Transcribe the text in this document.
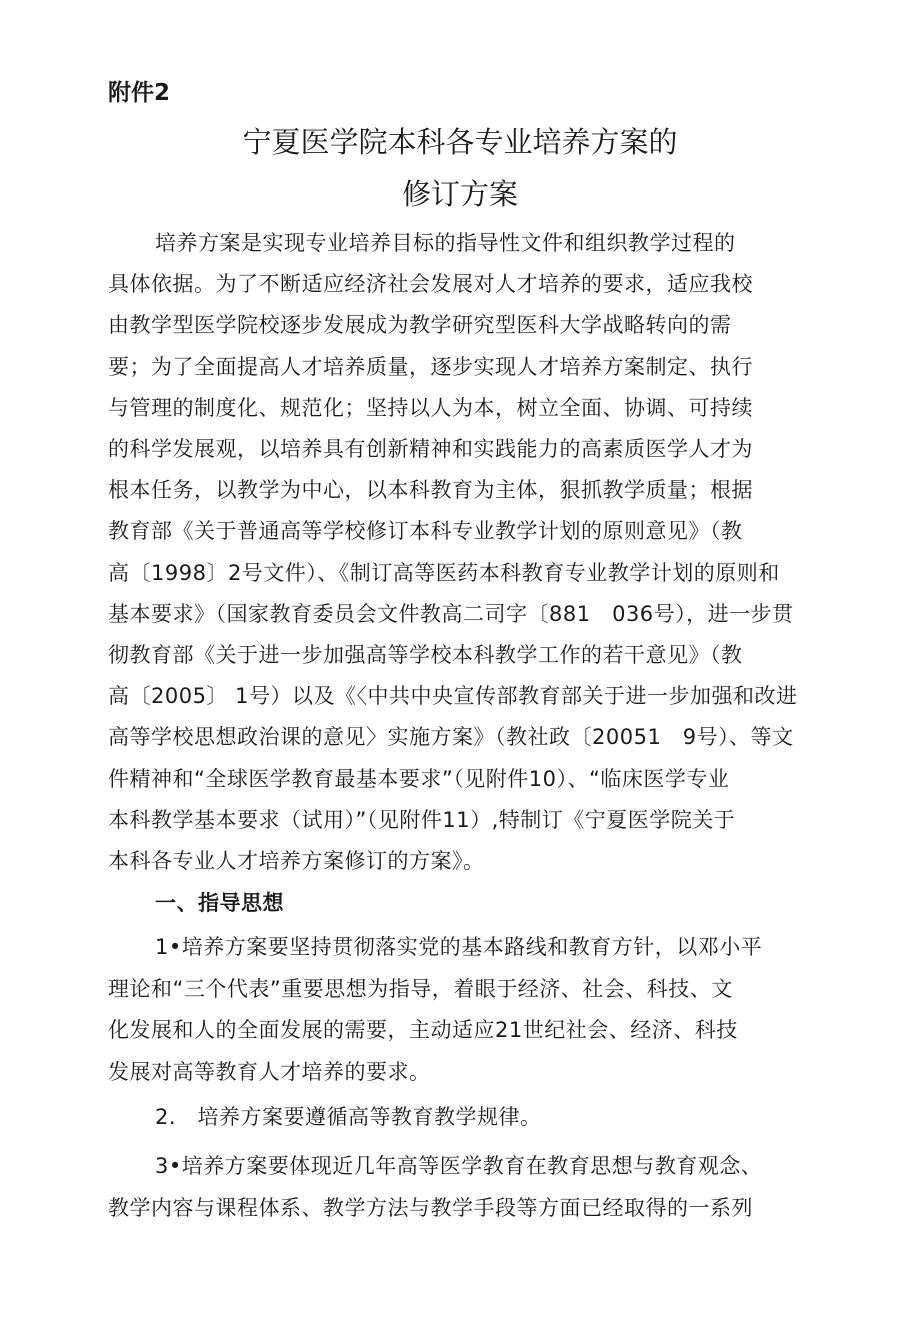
附件2
宁夏医学院本科各专业培养方案的
修订方案
培养方案是实现专业培养目标的指导性文件和组织教学过程的
具体依据。为了不断适应经济社会发展对人才培养的要求，适应我校
由教学型医学院校逐步发展成为教学研究型医科大学战略转向的需
要；为了全面提高人才培养质量，逐步实现人才培养方案制定、执行
与管理的制度化、规范化；坚持以人为本，树立全面、协调、可持续
的科学发展观，以培养具有创新精神和实践能力的高素质医学人才为
根本任务，以教学为中心，以本科教育为主体，狠抓教学质量；根据
教育部《关于普通高等学校修订本科专业教学计划的原则意见》（教
高〔1998〕2号文件）、《制订高等医药本科教育专业教学计划的原则和
基本要求》（国家教育委员会文件教高二司字〔881　036号），进一步贯
彻教育部《关于进一步加强高等学校本科教学工作的若干意见》（教
高〔2005〕 1号）以及《〈中共中央宣传部教育部关于进一步加强和改进
高等学校思想政治课的意见〉实施方案》（教社政〔20051　9号）、等文
件精神和“全球医学教育最基本要求”（见附件10）、“临床医学专业
本科教学基本要求（试用）”（见附件11）,特制订《宁夏医学院关于
本科各专业人才培养方案修订的方案》。
一、指导思想
1•培养方案要坚持贯彻落实党的基本路线和教育方针，以邓小平
理论和“三个代表”重要思想为指导，着眼于经济、社会、科技、文
化发展和人的全面发展的需要，主动适应21世纪社会、经济、科技
发展对高等教育人才培养的要求。
2.　培养方案要遵循高等教育教学规律。
3•培养方案要体现近几年高等医学教育在教育思想与教育观念、
教学内容与课程体系、教学方法与教学手段等方面已经取得的一系列
